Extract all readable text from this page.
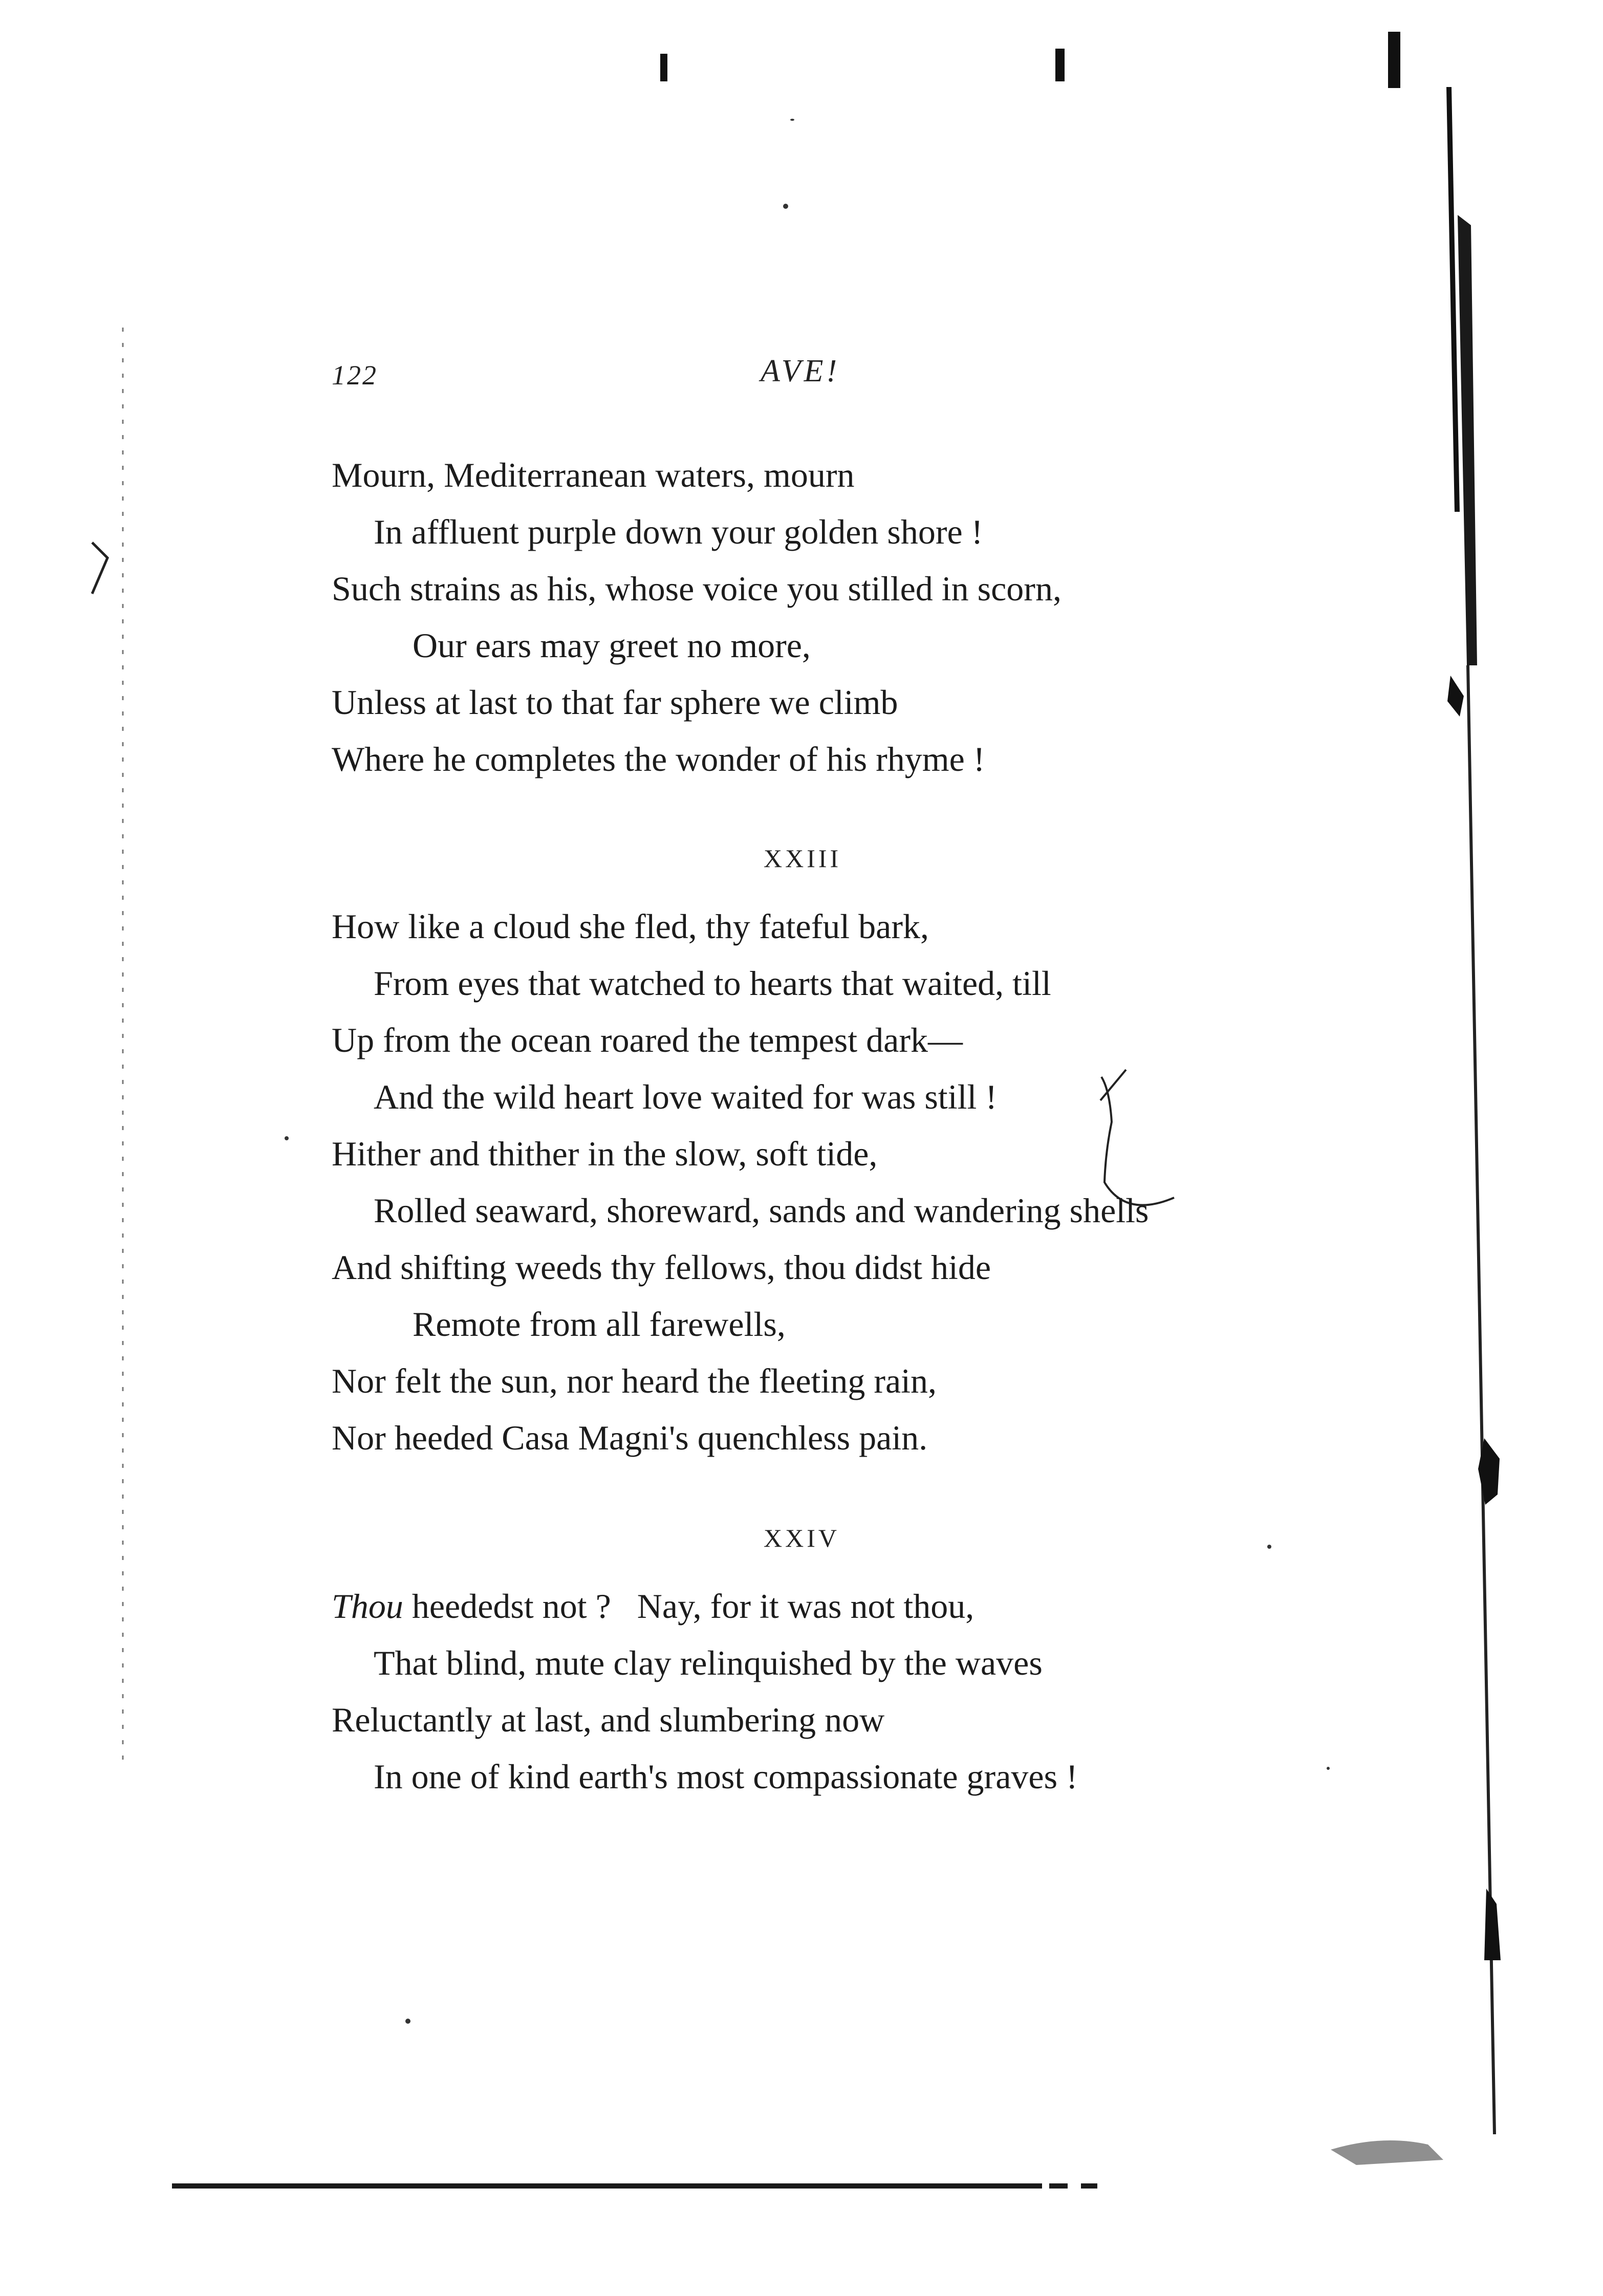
122	AVE!
Mourn, Mediterranean waters, mourn
In affluent purple down your golden shore !
Such strains as his, whose voice you stilled in scorn,
Our ears may greet no more,
Unless at last to that far sphere we climb
Where he completes the wonder of his rhyme !
XXIII
How like a cloud she fled, thy fateful bark,
From eyes that watched to hearts that waited, till
Up from the ocean roared the tempest dark—
And the wild heart love waited for was still !
Hither and thither in the slow, soft tide,
Rolled seaward, shoreward, sands and wandering shells
And shifting weeds thy fellows, thou didst hide
Remote from all farewells,
Nor felt the sun, nor heard the fleeting rain,
Nor heeded Casa Magni's quenchless pain.
XXIV
Thou heededst not ?   Nay, for it was not thou,
That blind, mute clay relinquished by the waves
Reluctantly at last, and slumbering now
In one of kind earth's most compassionate graves !
